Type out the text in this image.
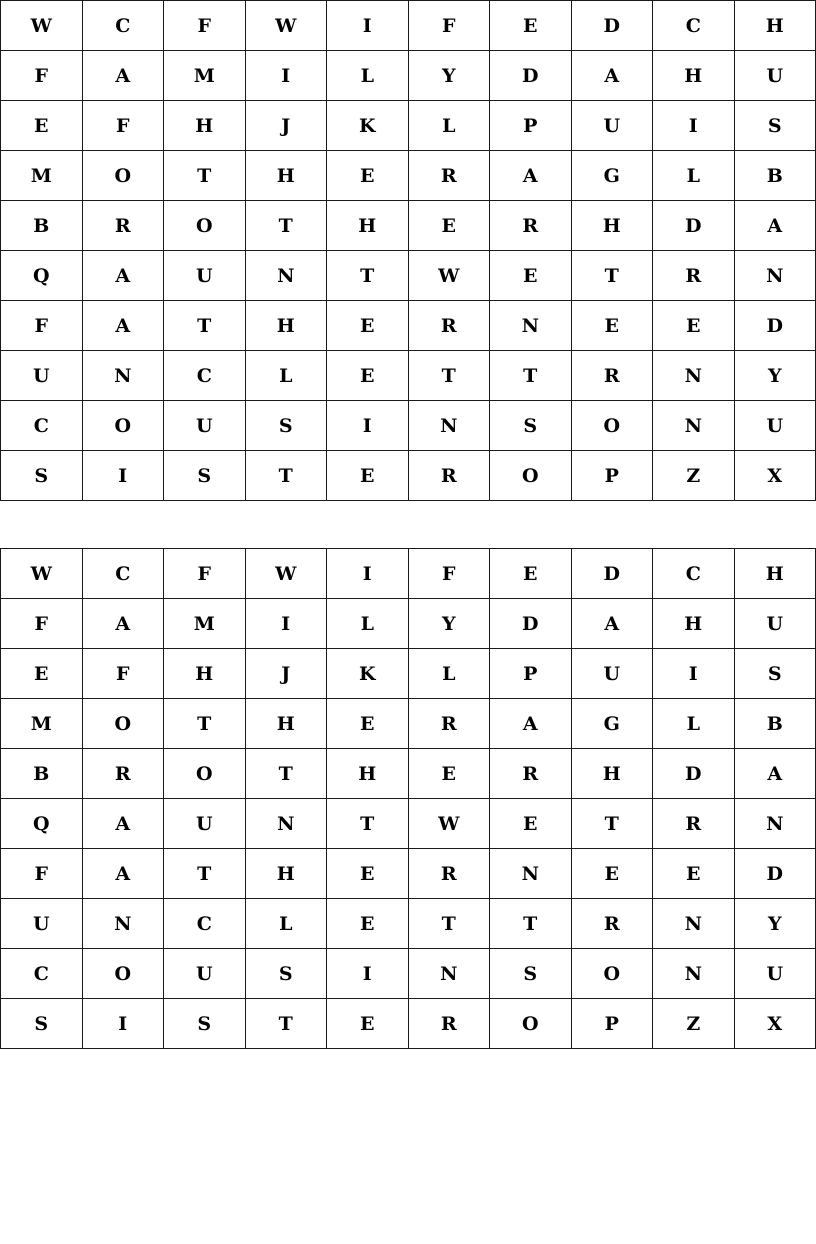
W	C	F	W	I	F	E	D	C	H
F	A	M	I	L	Y	D	A	H	U
E	F	H	J	K	L	P	U	I	S
M	O	T	H	E	R	A	G	L	B
B	R	O	T	H	E	R	H	D	A
Q	A	U	N	T	W	E	T	R	N
F	A	T	H	E	R	N	E	E	D
U	N	C	L	E	T	T	R	N	Y
C	O	U	S	I	N	S	O	N	U
S	I	S	T	E	R	O	P	Z	X
W	C	F	W	I	F	E	D	C	H
F	A	M	I	L	Y	D	A	H	U
E	F	H	J	K	L	P	U	I	S
M	O	T	H	E	R	A	G	L	B
B	R	O	T	H	E	R	H	D	A
Q	A	U	N	T	W	E	T	R	N
F	A	T	H	E	R	N	E	E	D
U	N	C	L	E	T	T	R	N	Y
C	O	U	S	I	N	S	O	N	U
S	I	S	T	E	R	O	P	Z	X
